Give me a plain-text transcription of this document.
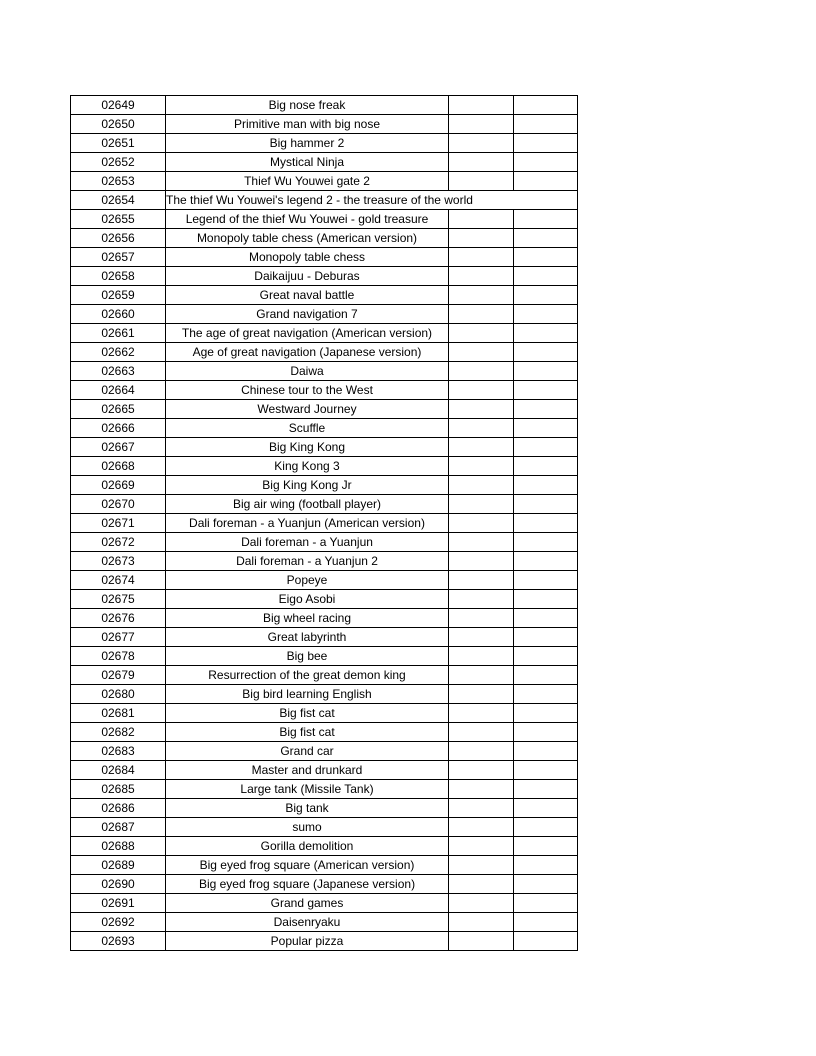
02649	Big nose freak		
02650	Primitive man with big nose		
02651	Big hammer 2		
02652	Mystical Ninja		
02653	Thief Wu Youwei gate 2		
02654	The thief Wu Youwei's legend 2 - the treasure of the world		

02655	Legend of the thief Wu Youwei - gold treasure		
02656	Monopoly table chess (American version)		
02657	Monopoly table chess		
02658	Daikaijuu - Deburas		
02659	Great naval battle		
02660	Grand navigation 7		
02661	The age of great navigation (American version)		
02662	Age of great navigation (Japanese version)		
02663	Daiwa		
02664	Chinese tour to the West		
02665	Westward Journey		
02666	Scuffle		
02667	Big King Kong		
02668	King Kong 3		
02669	Big King Kong Jr		
02670	Big air wing (football player)		
02671	Dali foreman - a Yuanjun (American version)		
02672	Dali foreman - a Yuanjun		
02673	Dali foreman - a Yuanjun 2		
02674	Popeye		
02675	Eigo Asobi		
02676	Big wheel racing		
02677	Great labyrinth		
02678	Big bee		
02679	Resurrection of the great demon king		
02680	Big bird learning English		
02681	Big fist cat		
02682	Big fist cat		
02683	Grand car		
02684	Master and drunkard		
02685	Large tank (Missile Tank)		
02686	Big tank		
02687	sumo		
02688	Gorilla demolition		
02689	Big eyed frog square (American version)		
02690	Big eyed frog square (Japanese version)		
02691	Grand games		
02692	Daisenryaku		
02693	Popular pizza		
